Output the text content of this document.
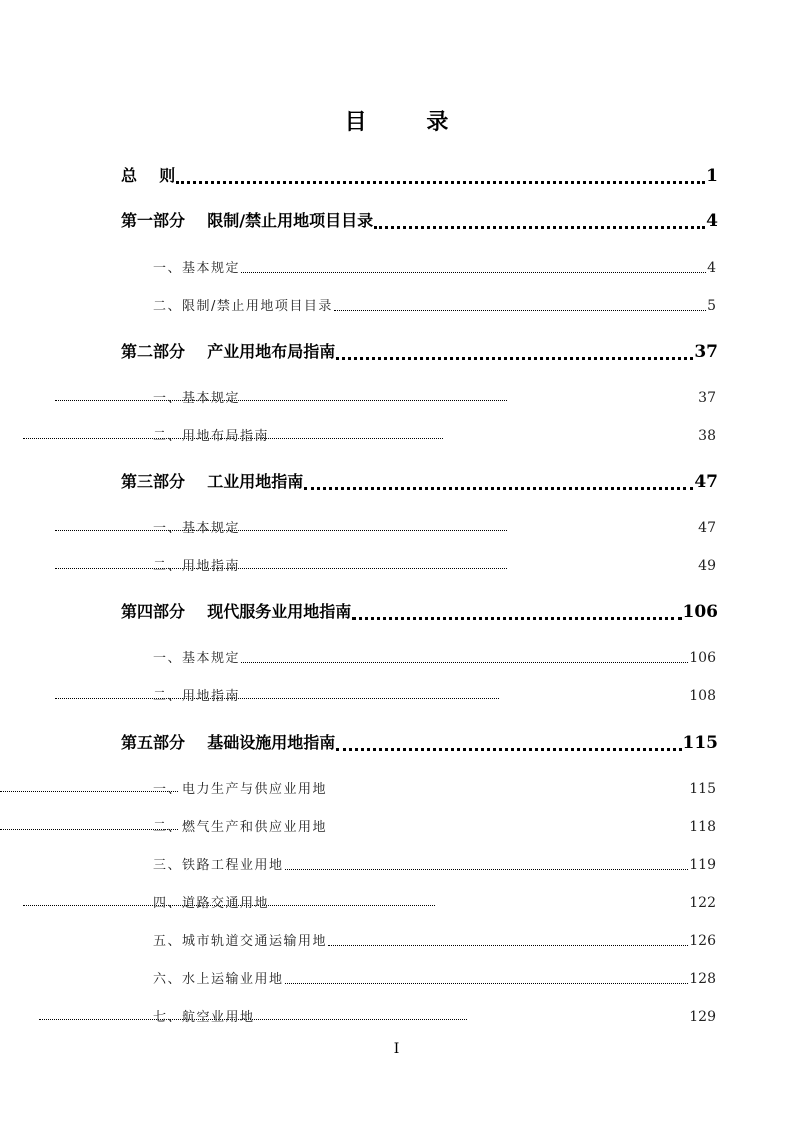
目 录
总    则	1
第一部分    限制/禁止用地项目目录	4
一、基本规定	4
二、限制/禁止用地项目目录	5
第二部分    产业用地布局指南	37
一、基本规定	37
二、用地布局指南	38
第三部分    工业用地指南	47
一、基本规定	47
二、用地指南	49
第四部分    现代服务业用地指南	106
一、基本规定	106
二、用地指南	108
第五部分    基础设施用地指南	115
一、电力生产与供应业用地	115
二、燃气生产和供应业用地	118
三、铁路工程业用地	119
四、道路交通用地	122
五、城市轨道交通运输用地	126
六、水上运输业用地	128
七、航空业用地	129
I
